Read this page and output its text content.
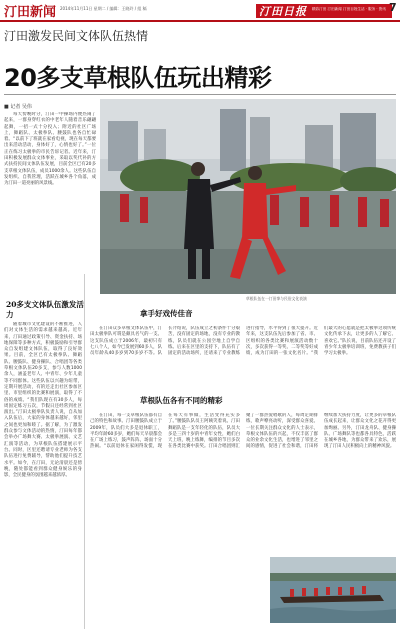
汀田新闻 2014年11月11日 星期二 / 编辑：王晓玲 / 组 稿	汀田日报 精彩汀田 汀田新闻 汀田百姓生活 · 服务 · 资讯 7
汀田激发民间文体队伍热情
20多支草根队伍玩出精彩
■ 记者 吴伟
每天傍晚时分，汀田一中操场内便热闹了起来，一群身穿红衣的中老年人随着音乐翩翩起舞，一招一式十分投入；附近的社区广场上，舞蹈队、太极拳队、腰鼓队也各自忙碌着。“以前下了班就在家看电视，现在每天都要出来活动活动，身体好了，心情也好了。”一位正在练习太极拳的市民告诉记者。近年来，汀田积极发展群众文体事业，采取以奖代补的方式扶持民间文体队伍发展，目前全区已有20多支草根文体队伍，成员1000余人。这些队伍自发组织、自我管理，活跃在城乡各个角落，成为汀田一道亮丽的风景线。
草根队伍在一汀田拳与民俗文化表演
20多支文体队伍激发活力
随着城市文化建设的不断推进，人们对文体生活的需求越来越高。近年来，汀田通过政策引导、资金扶持、场地保障等多种方式，积极鼓励和引导群众自发组建文体队伍，取得了良好效果。目前，全区已有太极拳队、舞蹈队、腰鼓队、健身操队、合唱团等各类草根文体队伍20多支，参与人数1000余人，涵盖老年人、中青年、少年儿童等不同群体。这些队伍以兴趣为纽带，定期开展活动，有的还走出社区参加区里、市里组织的比赛和展演，取得了不俗的成绩。“我们队现在有30多人，每周固定练习五次，节假日还经常到社区演出。”汀田太极拳队负责人说，自从加入队伍后，大家的身体越来越好，邻里之间也更加和睦了。据了解，为了激发群众参与文体活动的热情，汀田每年都会举办广场舞大赛、太极拳展演、文艺汇演等活动，为草根队伍搭建展示平台。同时，区里还聘请专业老师为各支队伍进行免费辅导，帮助他们提升技艺水平。如今，在汀田，无论清晨还是傍晚，随处都能看到群众健身娱乐的身影，全民健身的氛围越来越浓厚。
拿手好戏传佳音
在汀田众多草根文体队伍中，汀田太极拳队可谓是颇具名气的一支。这支队伍成立于2006年，最初只有七八个人，如今已发展到60多人，队员年龄从40多岁到70多岁不等。队长介绍说，队伍成立之初条件十分艰苦，没有固定的场地，没有专业的教练，队员们就在公园空地上自学自练。后来在区里的支持下，队伍有了固定的活动场所，还请来了专业教练进行指导，水平得到了很大提升。近年来，这支队伍先后参加了省、市、区组织的各类比赛和展演活动数十次，多次获得一等奖、二等奖等好成绩，成为汀田的一张文化名片。“我们最大的心愿就是把太极拳这项传统文化传承下去，让更多的人了解它、喜欢它。”队长说，目前队伍还开设了青少年太极拳培训班，免费教孩子们学习太极拳。
草根队伍各有不同的精彩
在汀田，每一支草根队伍都有自己的特色和故事。汀田腰鼓队成立于2009年，队员们大多是退休职工，平均年龄60多岁，她们每天早晨都会在广场上练习，鼓声阵阵，场面十分热闹。“以前退休在家闲得发慌，现在每天有事做，生活变得充实多了。”腰鼓队队员王阿姨笑着说。汀田舞蹈队是一支年轻化的队伍，队员大多是三四十岁的中青年女性，她们白天上班，晚上练舞，编排的节目多次在各类比赛中获奖。汀田合唱团则汇聚了一群热爱唱歌的人，每周定期排练，歌声嘹亮动听，深受群众喜爱。一位长期关注群众文化的人士表示，草根文体队伍的兴起，不仅丰富了群众的业余文化生活，也增进了邻里之间的感情，促进了社会和谐，汀田将继续加大扶持力度，让更多的草根队伍成长起来，让群众文化之花开得更加绚丽。另外，汀田龙舟队、健身操队、广场舞队等也都各具特色，活跃在城乡各地，为群众带来了欢乐，展现了汀田人民积极向上的精神风貌。
